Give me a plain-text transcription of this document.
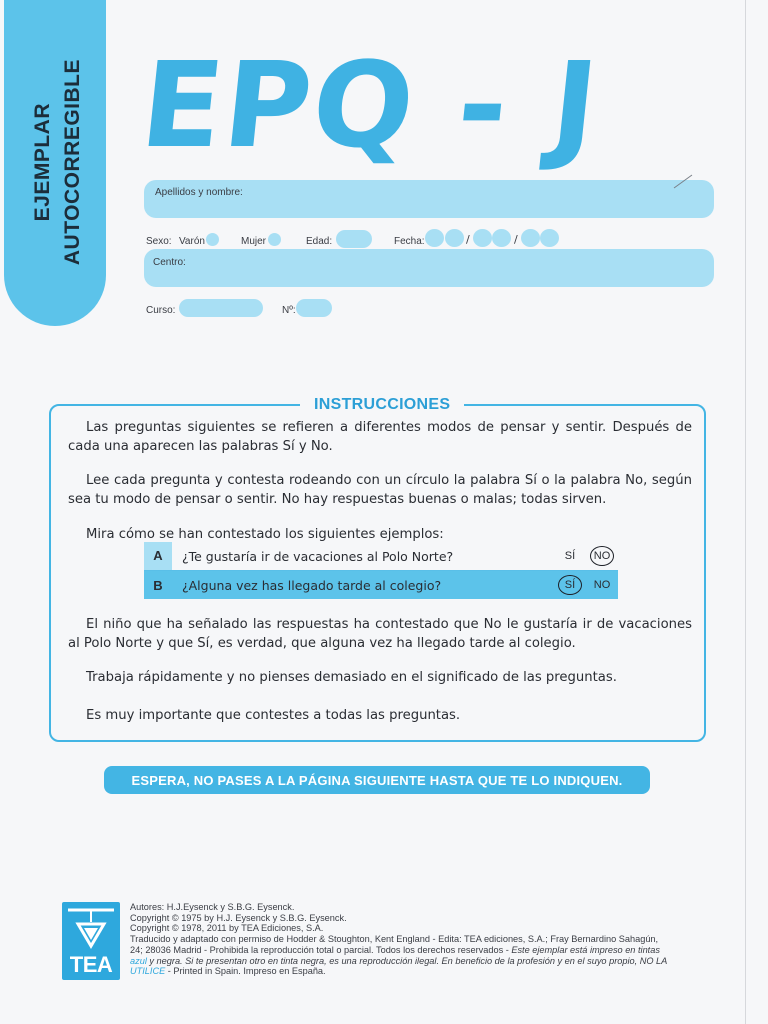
EJEMPLAR AUTOCORREGIBLE EPQ - J
Apellidos y nombre:
Sexo: Varón	Mujer	Edad:	Fecha:	/	/
Centro:
Curso:	Nº:
INSTRUCCIONES
Las preguntas siguientes se refieren a diferentes modos de pensar y sentir. Después de cada una aparecen las palabras Sí y No.
Lee cada pregunta y contesta rodeando con un círculo la palabra Sí o la palabra No, según sea tu modo de pensar o sentir. No hay respuestas buenas o malas; todas sirven.
Mira cómo se han contestado los siguientes ejemplos:
A	¿Te gustaría ir de vacaciones al Polo Norte?	SÍ	NO
B	¿Alguna vez has llegado tarde al colegio?	SÍ	NO
El niño que ha señalado las respuestas ha contestado que No le gustaría ir de vacaciones al Polo Norte y que Sí, es verdad, que alguna vez ha llegado tarde al colegio.
Trabaja rápidamente y no pienses demasiado en el significado de las preguntas.
Es muy importante que contestes a todas las preguntas.
ESPERA, NO PASES A LA PÁGINA SIGUIENTE HASTA QUE TE LO INDIQUEN.
TEA
Autores: H.J.Eysenck y S.B.G. Eysenck.
Copyright © 1975 by H.J. Eysenck y S.B.G. Eysenck.
Copyright © 1978, 2011 by TEA Ediciones, S.A.
Traducido y adaptado con permiso de Hodder & Stoughton, Kent England - Edita: TEA ediciones, S.A.; Fray Bernardino Sahagún,
24; 28036 Madrid - Prohibida la reproducción total o parcial. Todos los derechos reservados - Este ejemplar está impreso en tintas
azul y negra. Si te presentan otro en tinta negra, es una reproducción ilegal. En beneficio de la profesión y en el suyo propio, NO LA
UTILICE - Printed in Spain. Impreso en España.
